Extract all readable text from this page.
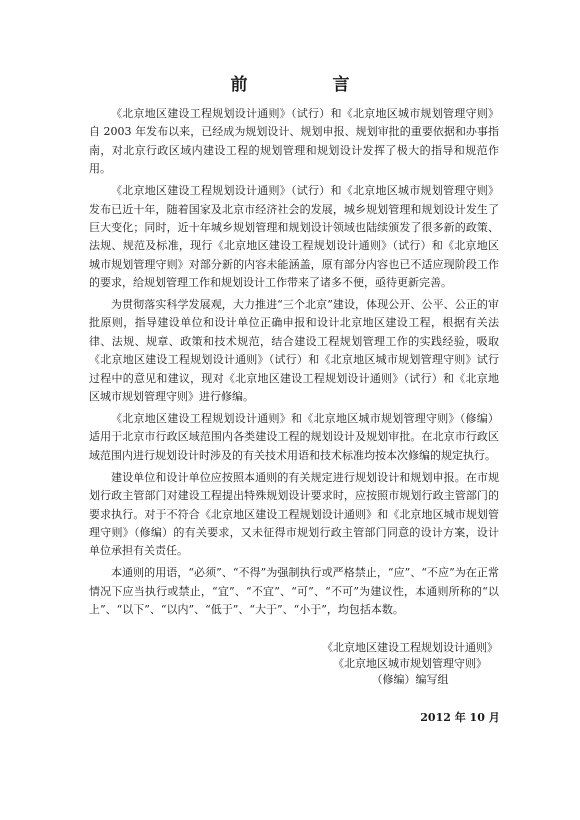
前　言

《北京地区建设工程规划设计通则》（试行）和《北京地区城市规划管理守则》自 2003 年发布以来，已经成为规划设计、规划申报、规划审批的重要依据和办事指南，对北京行政区域内建设工程的规划管理和规划设计发挥了极大的指导和规范作用。

《北京地区建设工程规划设计通则》（试行）和《北京地区城市规划管理守则》发布已近十年，随着国家及北京市经济社会的发展，城乡规划管理和规划设计发生了巨大变化；同时，近十年城乡规划管理和规划设计领域也陆续颁发了很多新的政策、法规、规范及标准，现行《北京地区建设工程规划设计通则》（试行）和《北京地区城市规划管理守则》对部分新的内容未能涵盖，原有部分内容也已不适应现阶段工作的要求，给规划管理工作和规划设计工作带来了诸多不便，亟待更新完善。

为贯彻落实科学发展观，大力推进“三个北京”建设，体现公开、公平、公正的审批原则，指导建设单位和设计单位正确申报和设计北京地区建设工程，根据有关法律、法规、规章、政策和技术规范，结合建设工程规划管理工作的实践经验，吸取《北京地区建设工程规划设计通则》（试行）和《北京地区城市规划管理守则》试行过程中的意见和建议，现对《北京地区建设工程规划设计通则》（试行）和《北京地区城市规划管理守则》进行修编。

《北京地区建设工程规划设计通则》和《北京地区城市规划管理守则》（修编）适用于北京市行政区域范围内各类建设工程的规划设计及规划审批。在北京市行政区域范围内进行规划设计时涉及的有关技术用语和技术标准均按本次修编的规定执行。

建设单位和设计单位应按照本通则的有关规定进行规划设计和规划申报。在市规划行政主管部门对建设工程提出特殊规划设计要求时，应按照市规划行政主管部门的要求执行。对于不符合《北京地区建设工程规划设计通则》和《北京地区城市规划管理守则》（修编）的有关要求，又未征得市规划行政主管部门同意的设计方案，设计单位承担有关责任。

本通则的用语，“必须”、“不得”为强制执行或严格禁止，“应”、“不应”为在正常情况下应当执行或禁止，“宜”、“不宜”、“可”、“不可”为建议性，本通则所称的“以上”、“以下”、“以内”、“低于”、“大于”、“小于”，均包括本数。

《北京地区建设工程规划设计通则》
《北京地区城市规划管理守则》
（修编）编写组
2012 年 10 月
